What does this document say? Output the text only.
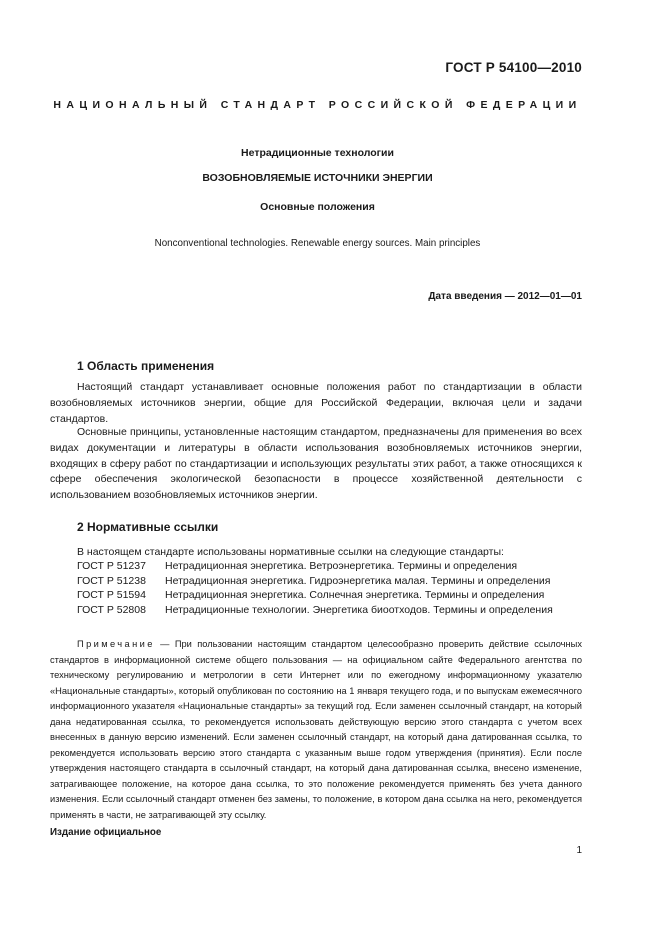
ГОСТ Р 54100—2010
НАЦИОНАЛЬНЫЙ СТАНДАРТ РОССИЙСКОЙ ФЕДЕРАЦИИ
Нетрадиционные технологии
ВОЗОБНОВЛЯЕМЫЕ ИСТОЧНИКИ ЭНЕРГИИ
Основные положения
Nonconventional technologies. Renewable energy sources. Main principles
Дата введения — 2012—01—01
1 Область применения

Настоящий стандарт устанавливает основные положения работ по стандартизации в области возобновляемых источников энергии, общие для Российской Федерации, включая цели и задачи стандартов.

Основные принципы, установленные настоящим стандартом, предназначены для применения во всех видах документации и литературы в области использования возобновляемых источников энергии, входящих в сферу работ по стандартизации и использующих результаты этих работ, а также относящихся к сфере обеспечения экологической безопасности в процессе хозяйственной деятельности с использованием возобновляемых источников энергии.

2 Нормативные ссылки
В настоящем стандарте использованы нормативные ссылки на следующие стандарты:
ГОСТ Р 51237 Нетрадиционная энергетика. Ветроэнергетика. Термины и определения
ГОСТ Р 51238 Нетрадиционная энергетика. Гидроэнергетика малая. Термины и определения
ГОСТ Р 51594 Нетрадиционная энергетика. Солнечная энергетика. Термины и определения
ГОСТ Р 52808 Нетрадиционные технологии. Энергетика биоотходов. Термины и определения

Примечание — При пользовании настоящим стандартом целесообразно проверить действие ссылочных стандартов в информационной системе общего пользования — на официальном сайте Федерального агентства по техническому регулированию и метрологии в сети Интернет или по ежегодному информационному указателю «Национальные стандарты», который опубликован по состоянию на 1 января текущего года, и по выпускам ежемесячного информационного указателя «Национальные стандарты» за текущий год. Если заменен ссылочный стандарт, на который дана недатированная ссылка, то рекомендуется использовать действующую версию этого стандарта с учетом всех внесенных в данную версию изменений. Если заменен ссылочный стандарт, на который дана датированная ссылка, то рекомендуется использовать версию этого стандарта с указанным выше годом утверждения (принятия). Если после утверждения настоящего стандарта в ссылочный стандарт, на который дана датированная ссылка, внесено изменение, затрагивающее положение, на которое дана ссылка, то это положение рекомендуется применять без учета данного изменения. Если ссылочный стандарт отменен без замены, то положение, в котором дана ссылка на него, рекомендуется применять в части, не затрагивающей эту ссылку.

Издание официальное
1
